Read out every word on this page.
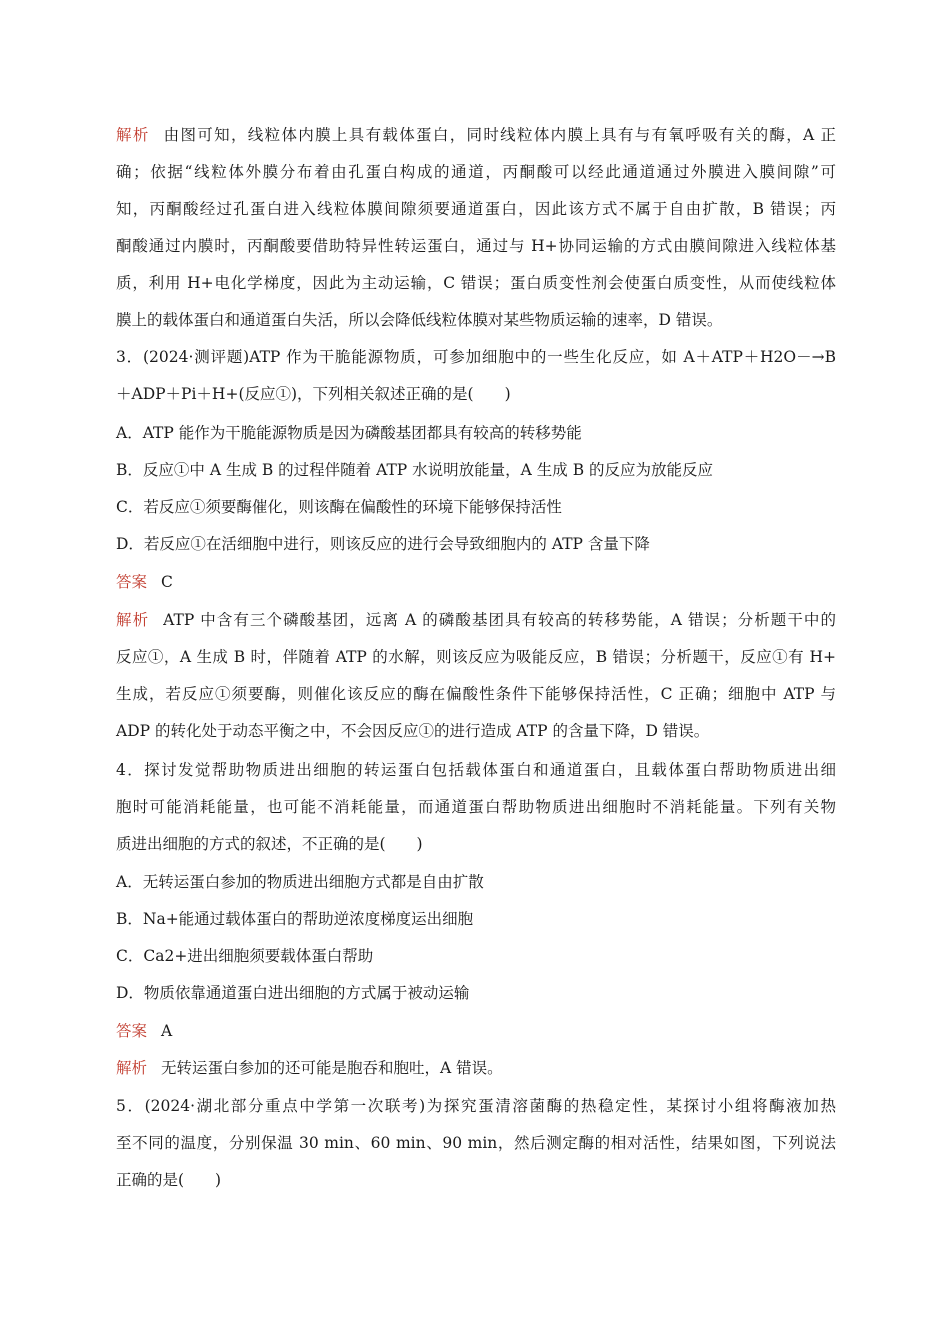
解析 由图可知，线粒体内膜上具有载体蛋白，同时线粒体内膜上具有与有氧呼吸有关的酶，A 正
确；依据“线粒体外膜分布着由孔蛋白构成的通道，丙酮酸可以经此通道通过外膜进入膜间隙”可
知，丙酮酸经过孔蛋白进入线粒体膜间隙须要通道蛋白，因此该方式不属于自由扩散，B 错误；丙
酮酸通过内膜时，丙酮酸要借助特异性转运蛋白，通过与 H+协同运输的方式由膜间隙进入线粒体基
质，利用 H+电化学梯度，因此为主动运输，C 错误；蛋白质变性剂会使蛋白质变性，从而使线粒体
膜上的载体蛋白和通道蛋白失活，所以会降低线粒体膜对某些物质运输的速率，D 错误。
3．(2024·测评题)ATP 作为干脆能源物质，可参加细胞中的一些生化反应，如 A＋ATP＋H2O－→B
＋ADP＋Pi＋H+(反应①)，下列相关叙述正确的是(　　)
A．ATP 能作为干脆能源物质是因为磷酸基团都具有较高的转移势能
B．反应①中 A 生成 B 的过程伴随着 ATP 水说明放能量，A 生成 B 的反应为放能反应
C．若反应①须要酶催化，则该酶在偏酸性的环境下能够保持活性
D．若反应①在活细胞中进行，则该反应的进行会导致细胞内的 ATP 含量下降
答案 C
解析 ATP 中含有三个磷酸基团，远离 A 的磷酸基团具有较高的转移势能，A 错误；分析题干中的
反应①，A 生成 B 时，伴随着 ATP 的水解，则该反应为吸能反应，B 错误；分析题干，反应①有 H+
生成，若反应①须要酶，则催化该反应的酶在偏酸性条件下能够保持活性，C 正确；细胞中 ATP 与
ADP 的转化处于动态平衡之中，不会因反应①的进行造成 ATP 的含量下降，D 错误。
4．探讨发觉帮助物质进出细胞的转运蛋白包括载体蛋白和通道蛋白，且载体蛋白帮助物质进出细
胞时可能消耗能量，也可能不消耗能量，而通道蛋白帮助物质进出细胞时不消耗能量。下列有关物
质进出细胞的方式的叙述，不正确的是(　　)
A．无转运蛋白参加的物质进出细胞方式都是自由扩散
B．Na+能通过载体蛋白的帮助逆浓度梯度运出细胞
C．Ca2+进出细胞须要载体蛋白帮助
D．物质依靠通道蛋白进出细胞的方式属于被动运输
答案 A
解析 无转运蛋白参加的还可能是胞吞和胞吐，A 错误。
5．(2024·湖北部分重点中学第一次联考)为探究蛋清溶菌酶的热稳定性，某探讨小组将酶液加热
至不同的温度，分别保温 30 min、60 min、90 min，然后测定酶的相对活性，结果如图，下列说法
正确的是(　　)
